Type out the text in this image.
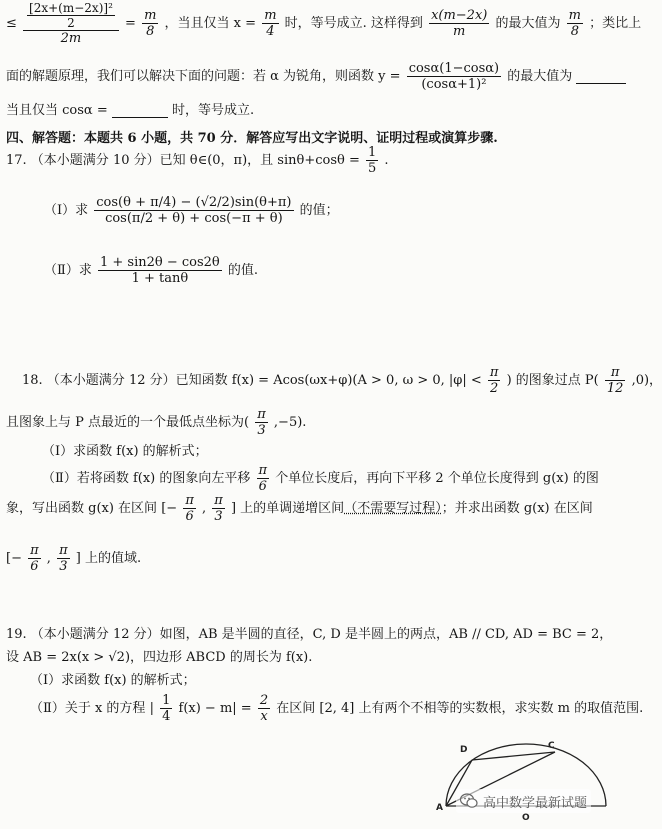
≤ $\frac{\frac{\text{[2x+(m−2x)]²}}{2}}{2m} = \frac{m}{8}$ ，当且仅当 $x = \frac{m}{4}$ 时，等号成立. 这样得到 $\frac{x(m-2x)}{m}$ 的最大值为 $\frac{m}{8}$ ；类比上
面的解题原理，我们可以解决下面的问题：若 α 为锐角，则函数 $y = \frac{\cos\alpha(1-\cos\alpha)}{\text{(cosα+1)²}}$ 的最大值为
当且仅当 cosα =	时，等号成立.
四、解答题：本题共 6 小题，共 70 分．解答应写出文字说明、证明过程或演算步骤.
17. （本小题满分 10 分）已知 θ∈(0，π)，且 $\sin\theta+\cos\theta = \frac{1}{5}$ .
（Ⅰ）求 $\frac{\cos(\theta + \pi/4) - (√2/2)\sin(\theta+\pi)}{\cos(\pi/2 + \theta) + \cos(-\pi + \theta)}$ 的值；
（Ⅱ）求 $\frac{1 + \sin 2\theta - \cos 2\theta}{1 + \tan\theta}$ 的值.
18. （本小题满分 12 分）已知函数 f(x) = Acos(ωx+φ)(A > 0, ω > 0, $|\varphi| < \frac{\pi}{2}$ ) 的图象过点 $P( \frac{\pi}{12} ,0)$，
且图象上与 P 点最近的一个最低点坐标为( $\frac{\pi}{3} ,-5$).
（Ⅰ）求函数 f(x) 的解析式；
（Ⅱ）若将函数 f(x) 的图象向左平移 $\frac{\pi}{6}$ 个单位长度后，再向下平移 2 个单位长度得到 g(x) 的图
象，写出函数 g(x) 在区间 [− $\frac{\pi}{6}$ , $\frac{\pi}{3}$ ] 上的单调递增区间（不需要写过程）；并求出函数 g(x) 在区间
[− $\frac{\pi}{6}$ , $\frac{\pi}{3}$ ] 上的值域.
19. （本小题满分 12 分）如图，AB 是半圆的直径，C, D 是半圆上的两点，AB // CD, AD = BC = 2，
设 AB = 2x(x > √2)，四边形 ABCD 的周长为 f(x).
（Ⅰ）求函数 f(x) 的解析式；
（Ⅱ）关于 x 的方程 | $\frac{1}{4} f(x) - m| = \frac{2}{x}$ 在区间 [2, 4] 上有两个不相等的实数根，求实数 m 的取值范围.
D	C
A
O
高中数学最新试题
